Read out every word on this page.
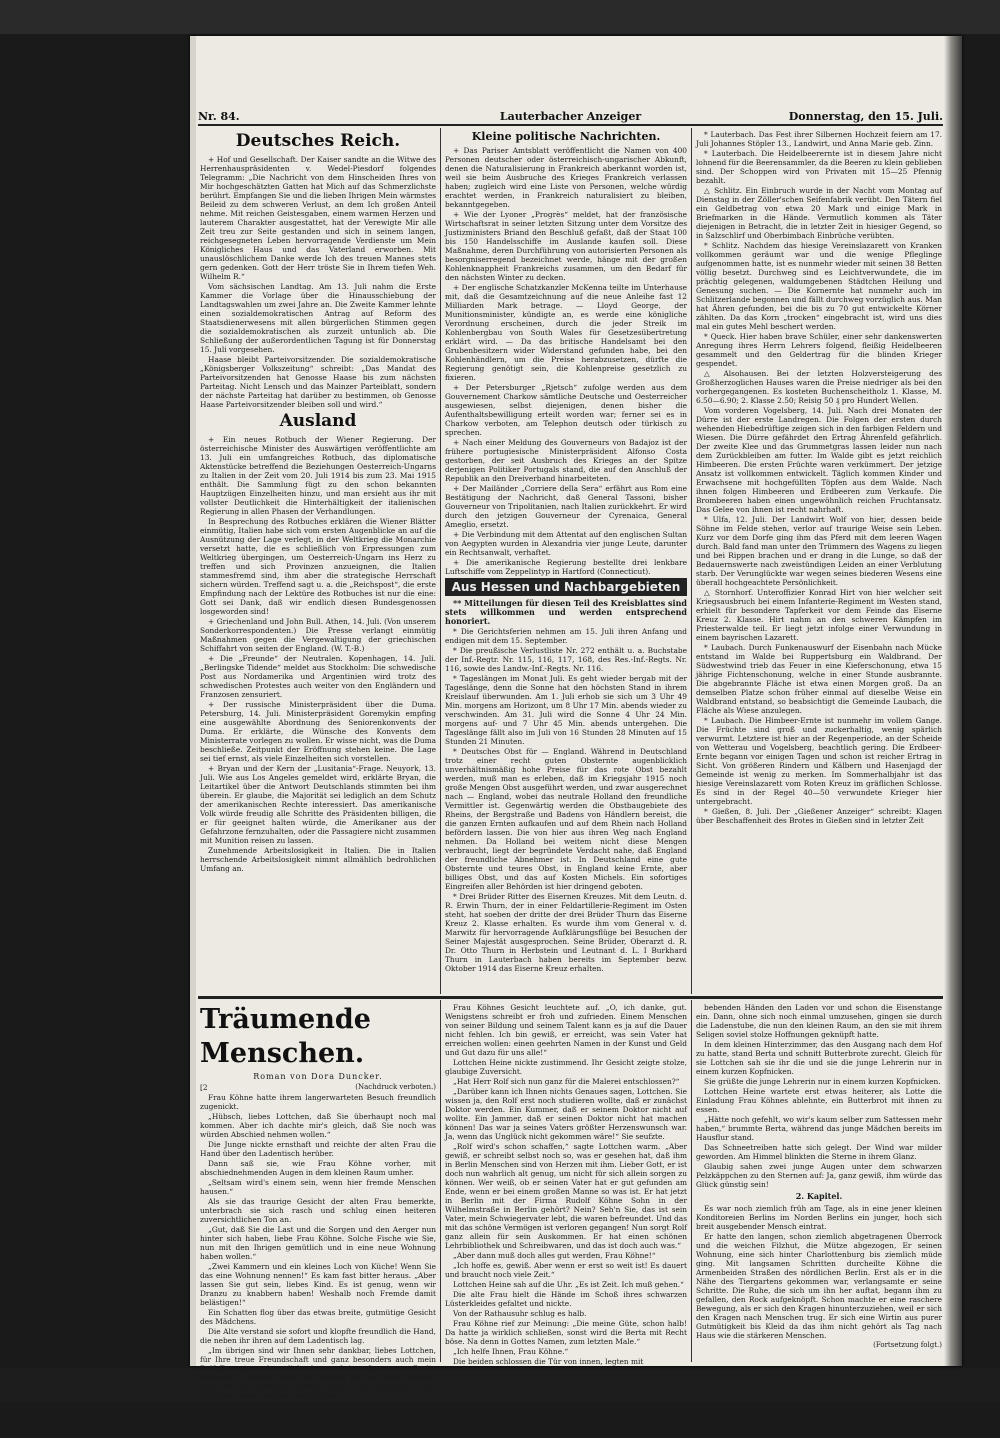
Nr. 84.	Lauterbacher Anzeiger	Donnerstag, den 15. Juli.
Deutsches Reich.

+ Hof und Gesellschaft. Der Kaiser sandte an die Witwe des Herrenhauspräsidenten v. Wedel-Piesdorf folgendes Telegramm: „Die Nachricht von dem Hinscheiden Ihres von Mir hochgeschätzten Gatten hat Mich auf das Schmerzlichste berührt. Empfangen Sie und die lieben Ihrigen Mein wärmstes Beileid zu dem schweren Verlust, an dem Ich großen Anteil nehme. Mit reichen Geistesgaben, einem warmen Herzen und lauterem Charakter ausgestattet, hat der Verewigte Mir alle Zeit treu zur Seite gestanden und sich in seinem langen, reichgesegneten Leben hervorragende Verdienste um Mein Königliches Haus und das Vaterland erworben. Mit unauslöschlichem Danke werde Ich des treuen Mannes stets gern gedenken. Gott der Herr tröste Sie in Ihrem tiefen Weh. Wilhelm R.“

Vom sächsischen Landtag. Am 13. Juli nahm die Erste Kammer die Vorlage über die Hinausschiebung der Landtagswahlen um zwei Jahre an. Die Zweite Kammer lehnte einen sozialdemokratischen Antrag auf Reform des Staatsdienerwesens mit allen bürgerlichen Stimmen gegen die sozialdemokratischen als zurzeit untunlich ab. Die Schließung der außerordentlichen Tagung ist für Donnerstag 15. Juli vorgesehen.

Haase bleibt Parteivorsitzender. Die sozialdemokratische „Königsberger Volkszeitung“ schreibt: „Das Mandat des Parteivorsitzenden hat Genosse Haase bis zum nächsten Parteitag. Nicht Lensch und das Mainzer Parteiblatt, sondern der nächste Parteitag hat darüber zu bestimmen, ob Genosse Haase Parteivorsitzender bleiben soll und wird.“

Ausland

+ Ein neues Rotbuch der Wiener Regierung. Der österreichische Minister des Auswärtigen veröffentlichte am 13. Juli ein umfangreiches Rotbuch, das diplomatische Aktenstücke betreffend die Beziehungen Oesterreich-Ungarns zu Italien in der Zeit vom 20. Juli 1914 bis zum 23. Mai 1915 enthält. Die Sammlung fügt zu den schon bekannten Hauptzügen Einzelheiten hinzu, und man ersieht aus ihr mit vollster Deutlichkeit die Hinterhältigkeit der italienischen Regierung in allen Phasen der Verhandlungen.

In Besprechung des Rotbuches erklären die Wiener Blätter einmütig, Italien habe sich vom ersten Augenblicke an auf die Ausnützung der Lage verlegt, in der Weltkrieg die Monarchie versetzt hatte, die es schließlich von Erpressungen zum Weltkrieg übergingen, um Oesterreich-Ungarn ins Herz zu treffen und sich Provinzen anzueignen, die Italien stammesfremd sind, ihm aber die strategische Herrschaft sichern würden. Treffend sagt u. a. die „Reichspost“, die erste Empfindung nach der Lektüre des Rotbuches ist nur die eine: Gott sei Dank, daß wir endlich diesen Bundesgenossen losgeworden sind!

+ Griechenland und John Bull. Athen, 14. Juli. (Von unserem Sonderkorrespondenten.) Die Presse verlangt einmütig Maßnahmen gegen die Vergewaltigung der griechischen Schiffahrt von seiten der England. (W. T.-B.)

+ Die „Freunde“ der Neutralen. Kopenhagen, 14. Juli. „Berlingske Tidende“ meldet aus Stockholm: Die schwedische Post aus Nordamerika und Argentinien wird trotz des schwedischen Protestes auch weiter von den Engländern und Franzosen zensuriert.

+ Der russische Ministerpräsident über die Duma. Petersburg, 14. Juli. Ministerpräsident Goremykin empfing eine ausgewählte Abordnung des Seniorenkonvents der Duma. Er erklärte, die Wünsche des Konvents dem Ministerrate vorlegen zu wollen. Er wisse nicht, was die Duma beschließe. Zeitpunkt der Eröffnung stehen keine. Die Lage sei tief ernst, als viele Einzelheiten sich vorstellen.

+ Bryan und der Kern der „Lusitania“-Frage. Neuyork, 13. Juli. Wie aus Los Angeles gemeldet wird, erklärte Bryan, die Leitartikel über die Antwort Deutschlands stimmten bei ihm überein. Er glaube, die Majorität sei lediglich an dem Schutz der amerikanischen Rechte interessiert. Das amerikanische Volk würde freudig alle Schritte des Präsidenten billigen, die er für geeignet halten würde, die Amerikaner aus der Gefahrzone fernzuhalten, oder die Passagiere nicht zusammen mit Munition reisen zu lassen.

Zunehmende Arbeitslosigkeit in Italien. Die in Italien herrschende Arbeitslosigkeit nimmt allmählich bedrohlichen Umfang an.

Kleine politische Nachrichten.

+ Das Pariser Amtsblatt veröffentlicht die Namen von 400 Personen deutscher oder österreichisch-ungarischer Abkunft, denen die Naturalisierung in Frankreich aberkannt worden ist, weil sie beim Ausbruche des Krieges Frankreich verlassen haben; zugleich wird eine Liste von Personen, welche würdig erachtet werden, in Frankreich naturalisiert zu bleiben, bekanntgegeben.

+ Wie der Lyoner „Progrès“ meldet, hat der französische Wirtschaftsrat in seiner letzten Sitzung unter dem Vorsitze des Justizministers Briand den Beschluß gefaßt, daß der Staat 100 bis 150 Handelsschiffe im Auslande kaufen soll. Diese Maßnahme, deren Durchführung von autorisierten Personen als besorgniserregend bezeichnet werde, hänge mit der großen Kohlenknappheit Frankreichs zusammen, um den Bedarf für den nächsten Winter zu decken.

+ Der englische Schatzkanzler McKenna teilte im Unterhause mit, daß die Gesamtzeichnung auf die neue Anleihe fast 12 Milliarden Mark betrage. — Lloyd George, der Munitionsminister, kündigte an, es werde eine königliche Verordnung erscheinen, durch die jeder Streik im Kohlenbergbau von South Wales für Gesetzesübertretung erklärt wird. — Da das britische Handelsamt bei den Grubenbesitzern wider Widerstand gefunden habe, bei den Kohlenhändlern, um die Preise herabzusetzen, dürfte die Regierung genötigt sein, die Kohlenpreise gesetzlich zu fixieren.

+ Der Petersburger „Rjetsch“ zufolge werden aus dem Gouvernement Charkow sämtliche Deutsche und Oesterreicher ausgewiesen, selbst diejenigen, denen bisher die Aufenthaltsbewilligung erteilt worden war; ferner sei es in Charkow verboten, am Telephon deutsch oder türkisch zu sprechen.

+ Nach einer Meldung des Gouverneurs von Badajoz ist der frühere portugiesische Ministerpräsident Alfonso Costa gestorben, der seit Ausbruch des Krieges an der Spitze derjenigen Politiker Portugals stand, die auf den Anschluß der Republik an den Dreiverband hinarbeiteten.

+ Der Mailänder „Corriere della Sera“ erfährt aus Rom eine Bestätigung der Nachricht, daß General Tassoni, bisher Gouverneur von Tripolitanien, nach Italien zurückkehrt. Er wird durch den jetzigen Gouverneur der Cyrenaica, General Ameglio, ersetzt.

+ Die Verbindung mit dem Attentat auf den englischen Sultan von Aegypten wurden in Alexandria vier junge Leute, darunter ein Rechtsanwalt, verhaftet.

+ Die amerikanische Regierung bestellte drei lenkbare Luftschiffe vom Zeppelintyp in Hartford (Connecticut).

Aus Hessen und Nachbargebieten

** Mitteilungen für diesen Teil des Kreisblattes sind stets willkommen und werden entsprechend honoriert.

* Die Gerichtsferien nehmen am 15. Juli ihren Anfang und endigen mit dem 15. September.

* Die preußische Verlustliste Nr. 272 enthält u. a. Buchstabe der Inf.-Regtr. Nr. 115, 116, 117, 168, des Res.-Inf.-Regts. Nr. 116, sowie des Landw.-Inf.-Regts. Nr. 116.

* Tageslängen im Monat Juli. Es geht wieder bergab mit der Tageslänge, denn die Sonne hat den höchsten Stand in ihrem Kreislauf überwunden. Am 1. Juli erhob sie sich um 3 Uhr 49 Min. morgens am Horizont, um 8 Uhr 17 Min. abends wieder zu verschwinden. Am 31. Juli wird die Sonne 4 Uhr 24 Min. morgens auf- und 7 Uhr 45 Min. abends untergehen. Die Tageslänge fällt also im Juli von 16 Stunden 28 Minuten auf 15 Stunden 21 Minuten.

* Deutsches Obst für — England. Während in Deutschland trotz einer recht guten Obsternte augenblicklich unverhältnismäßig hohe Preise für das rote Obst bezahlt werden, muß man es erleben, daß im Kriegsjahr 1915 noch große Mengen Obst ausgeführt werden, und zwar ausgerechnet nach — England, wobei das neutrale Holland den freundliche Vermittler ist. Gegenwärtig werden die Obstbaugebiete des Rheins, der Bergstraße und Badens von Händlern bereist, die die ganzen Ernten aufkaufen und auf dem Rhein nach Holland befördern lassen. Die von hier aus ihren Weg nach England nehmen. Da Holland bei weitem nicht diese Mengen verbraucht, liegt der begründete Verdacht nahe, daß England der freundliche Abnehmer ist. In Deutschland eine gute Obsternte und teures Obst, in England keine Ernte, aber billiges Obst, und das auf Kosten Michels. Ein sofortiges Eingreifen aller Behörden ist hier dringend geboten.

* Drei Brüder Ritter des Eisernen Kreuzes. Mit dem Leutn. d. R. Erwin Thurn, der in einer Feldartillerie-Regiment im Osten steht, hat soeben der dritte der drei Brüder Thurn das Eiserne Kreuz 2. Klasse erhalten. Es wurde ihm vom General v. d. Marwitz für hervorragende Aufklärungsflüge bei Besuchen der Seiner Majestät ausgesprochen. Seine Brüder, Oberarzt d. R. Dr. Otto Thurn in Herbstein und Leutnant d. L. I Burkhard Thurn in Lauterbach haben bereits im September bezw. Oktober 1914 das Eiserne Kreuz erhalten.

* Lauterbach. Das Fest ihrer Silbernen Hochzeit feiern am 17. Juli Johannes Stöpler 13., Landwirt, und Anna Marie geb. Zinn.

* Lauterbach. Die Heidelbeerernte ist in diesem Jahre nicht lohnend für die Beerensammler, da die Beeren zu klein geblieben sind. Der Schoppen wird von Privaten mit 15—25 Pfennig bezahlt.

△ Schlitz. Ein Einbruch wurde in der Nacht vom Montag auf Dienstag in der Zöller'schen Seifenfabrik verübt. Den Tätern fiel ein Geldbetrag von etwa 20 Mark und einige Mark in Briefmarken in die Hände. Vermutlich kommen als Täter diejenigen in Betracht, die in letzter Zeit in hiesiger Gegend, so in Salzschlirf und Oberbimbach Einbrüche verübten.

* Schlitz. Nachdem das hiesige Vereinslazarett von Kranken vollkommen geräumt war und die wenige Pfleglinge aufgenommen hatte, ist es nunmehr wieder mit seinen 38 Betten völlig besetzt. Durchweg sind es Leichtverwundete, die im prächtig gelegenen, waldumgebenen Städtchen Heilung und Genesung suchen. — Die Kornernte hat nunmehr auch im Schlitzerlande begonnen und fällt durchweg vorzüglich aus. Man hat Ähren gefunden, bei die bis zu 70 gut entwickelte Körner zählten. Da das Korn „trocken“ eingebracht ist, wird uns dies mal ein gutes Mehl beschert werden.

* Queck. Hier haben brave Schüler, einer sehr dankenswerten Anregung ihres Herrn Lehrers folgend, fleißig Heidelbeeren gesammelt und den Geldertrag für die blinden Krieger gespendet.

△ Alsohausen. Bei der letzten Holzversteigerung des Großherzoglichen Hauses waren die Preise niedriger als bei den vorhergegangenen. Es kosteten Buchenscheitholz 1. Klasse, M. 6.50—6.90; 2. Klasse 2.50; Reisig 50 ₰ pro Hundert Wellen.

Vom vorderen Vogelsberg, 14. Juli. Nach drei Monaten der Dürre ist der erste Landregen. Die Folgen der ersten durch wehenden Hiebedrüftige zeigen sich in den farbigen Feldern und Wiesen. Die Dürre gefährdet den Ertrag Ährenfeld gefährlich. Der zweite Klee und das Grummetgras lassen leider nun nach dem Zurückbleiben am futter. Im Walde gibt es jetzt reichlich Himbeeren. Die ersten Früchte waren verkümmert. Der jetzige Ansatz ist vollkommen entwickelt. Täglich kommen Kinder und Erwachsene mit hochgefüllten Töpfen aus dem Walde. Nach ihnen folgen Himbeeren und Erdbeeren zum Verkaufe. Die Brombeeren haben einen ungewöhnlich reichen Fruchtansatz. Das Gelee von ihnen ist recht nahrhaft.

* Ulfa, 12. Juli. Der Landwirt Wolf von hier, dessen beide Söhne im Felde stehen, verlor auf traurige Weise sein Leben. Kurz vor dem Dorfe ging ihm das Pferd mit dem leeren Wagen durch. Bald fand man unter den Trümmern des Wagens zu liegen und bei Rippen brachen und er drang in die Lunge, so daß der Bedauernswerte nach zweistündigen Leiden an einer Verblutung starb. Der Verunglückte war wegen seines biederen Wesens eine überall hochgeachtete Persönlichkeit.

△ Stornhorf. Unteroffizier Konrad Hirt von hier welcher seit Kriegsausbruch bei einem Infanterie-Regiment im Westen stand, erhielt für besondere Tapferkeit vor dem Feinde das Eiserne Kreuz 2. Klasse. Hirt nahm an den schweren Kämpfen im Priesterwalde teil. Er liegt jetzt infolge einer Verwundung in einem bayrischen Lazarett.

* Laubach. Durch Funkenauswurf der Eisenbahn nach Mücke entstand im Walde bei Ruppertsburg ein Waldbrand. Der Südwestwind trieb das Feuer in eine Kieferschonung, etwa 15 jährige Fichtenschonung, welche in einer Stunde ausbrannte. Die abgebrannte Fläche ist etwa einen Morgen groß. Da an demselben Platze schon früher einmal auf dieselbe Weise ein Waldbrand entstand, so beabsichtigt die Gemeinde Laubach, die Fläche als Wiese anzulegen.

* Laubach. Die Himbeer-Ernte ist nunmehr im vollem Gange. Die Früchte sind groß und zuckerhaltig, wenig spärlich verwurmt. Letztere ist hier an der Regenperiode, an der Scheide von Wetterau und Vogelsberg, beachtlich gering. Die Erdbeer-Ernte begann vor einigen Tagen und schon ist reicher Ertrag in Sicht. Von größeren Rindern und Kälbern und Hasenjagd der Gemeinde ist wenig zu merken. Im Sommerhalbjahr ist das hiesige Vereinslazarett vom Roten Kreuz im gräflichen Schlosse. Es sind in der Regel 40—50 verwundete Krieger hier untergebracht.

* Gießen, 8. Juli. Der „Gießener Anzeiger“ schreibt: Klagen über Beschaffenheit des Brotes in Gießen sind in letzter Zeit

Träumende Menschen.
Roman von Dora Duncker.
[2	(Nachdruck verboten.)

Frau Köhne hatte ihrem langerwarteten Besuch freundlich zugenickt.

„Hübsch, liebes Lottchen, daß Sie überhaupt noch mal kommen. Aber ich dachte mir's gleich, daß Sie noch was würden Abschied nehmen wollen.“

Die Junge nickte ernsthaft und reichte der alten Frau die Hand über den Ladentisch herüber.

Dann saß sie, wie Frau Köhne vorher, mit abschiednehmenden Augen in dem kleinen Raum umher.

„Seltsam wird's einem sein, wenn hier fremde Menschen hausen.“

Als sie das traurige Gesicht der alten Frau bemerkte, unterbrach sie sich rasch und schlug einen heiteren zuversichtlichen Ton an.

„Gut, daß Sie die Last und die Sorgen und den Aerger nun hinter sich haben, liebe Frau Köhne. Solche Fische wie Sie, nun mit den Ihrigen gemütlich und in eine neue Wohnung haben wollen.“

„Zwei Kammern und ein kleines Loch von Küche! Wenn Sie das eine Wohnung nennen!“ Es kam fast bitter heraus. „Aber lassen Sie gut sein, liebes Kind. Es ist genug, wenn wir Dranzu zu knabbern haben! Weshalb noch Fremde damit belästigen!“

Ein Schatten flog über das etwas breite, gutmütige Gesicht des Mädchens.

Die Alte verstand sie sofort und klopfte freundlich die Hand, die neben ihr ihren auf dem Ladentisch lag.

„Im übrigen sind wir Ihnen sehr dankbar, liebes Lottchen, für Ihre treue Freundschaft und ganz besonders auch mein Rolf. Er sagte auch neulich, als er auf einen Sprung von Berlin hier war, in zu mir: Wenn alle anderen sich von euch wenden, weil ihr nun wirklich ehrlich arme Leute geworden seid, Lottchen Heine wird bei euch halten.“

Das Mädchen war flammend rot geworden und spielte mit einer Buchecke, die sie bestätigte auf dem Ladentisch.

„Nun einer kleinen Pause sagte sie: „Sagen Sie mal, was wird es dann mit dem Herrn Rolf in Berlin?“

Frau Köhnes Gesicht leuchtete auf. „O, ich danke, gut. Wenigstens schreibt er froh und zufrieden. Einem Menschen von seiner Bildung und seinem Talent kann es ja auf die Dauer nicht fehlen. Ich bin gewiß, er erreicht, was sein Vater hat erreichen wollen: einen geehrten Namen in der Kunst und Geld und Gut dazu für uns alle!“

Lottchen Heine nickte zustimmend. Ihr Gesicht zeigte stolze, glaubige Zuversicht.

„Hat Herr Rolf sich nun ganz für die Malerei entschlossen?“

„Darüber kann ich Ihnen nichts Genaues sagen, Lottchen. Sie wissen ja, den Rolf erst noch studieren wollte, daß er zunächst Doktor werden. Ein Kummer, daß er seinem Doktor nicht auf wollte. Ein Jammer, daß er seinen Doktor nicht hat machen können! Das war ja seines Vaters größter Herzenswunsch war. Ja, wenn das Unglück nicht gekommen wäre!“ Sie seufzte.

„Rolf wird's schon schaffen,“ sagte Lottchen warm. „Aber gewiß, er schreibt selbst noch so, was er gesehen hat, daß ihm in Berlin Menschen sind von Herzen mit ihm. Lieber Gott, er ist doch nun wahrlich alt genug, um nicht für sich allein sorgen zu können. Wer weiß, ob er seinen Vater hat er gut gefunden am Ende, wenn er bei einem großen Manne so was ist. Er hat jetzt in Berlin mit der Firma Rudolf Köhne Sohn in der Wilhelmstraße in Berlin gehört? Nein? Seh'n Sie, das ist sein Vater, mein Schwiegervater lebt, die waren befreundet. Und das mit das schöne Vermögen ist verloren gegangen! Nun sorgt Rolf ganz allein für sein Auskommen. Er hat einen schönen Lehrbibliothek und Schreibwaren, und das ist doch auch was.“

„Aber dann muß doch alles gut werden, Frau Köhne!“

„Ich hoffe es, gewiß. Aber wenn er erst so weit ist! Es dauert und braucht noch viele Zeit.“

Lottchen Heine sah auf die Uhr. „Es ist Zeit. Ich muß gehen.“

Die alte Frau hielt die Hände im Schoß ihres schwarzen Lüsterkleides gefaltet und nickte.

Von der Rathausuhr schlug es halb.

Frau Köhne rief zur Meinung: „Die meine Güte, schon halb! Da hatte ja wirklich schließen, sonst wird die Berta mit Recht böse. Na denn in Gottes Namen, zum letzten Male.“

„Ich helfe Ihnen, Frau Köhne.“

Die beiden schlossen die Tür von innen, legten mit

bebenden Händen den Laden vor und schon die Eisenstange ein. Dann, ohne sich noch einmal umzusehen, gingen sie durch die Ladenstube, die nun den kleinen Raum, an den sie mit ihrem Seligen soviel stolze Hoffnungen geknüpft hatte.

In dem kleinen Hinterzimmer, das den Ausgang nach dem Hof zu hatte, stand Berta und schnitt Butterbrote zurecht. Gleich für sie Lottchen sah sie ihr die und sie die junge Lehrerin nur in einem kurzen Kopfnicken.

Sie grüßte die junge Lehrerin nur in einem kurzen Kopfnicken.

Lottchen Heine wartete erst etwas heiterer, als Lotte die Einladung Frau Köhnes ablehnte, ein Butterbrot mit ihnen zu essen.

„Hätte noch gefehlt, wo wir's kaum selber zum Sattessen mehr haben,“ brummte Berta, während das junge Mädchen bereits im Hausflur stand.

Das Schneetreiben hatte sich gelegt. Der Wind war milder geworden. Am Himmel blinkten die Sterne in ihrem Glanz.

Glaubig sahen zwei junge Augen unter dem schwarzen Pelzkäppchen zu den Sternen auf: Ja, ganz gewiß, ihm würde das Glück günstig sein!

2. Kapitel.

Es war noch ziemlich früh am Tage, als in eine jener kleinen Konditoreien Berlins im Norden Berlins ein junger, hoch sich breit ausgebender Mensch eintrat.

Er hatte den langen, schon ziemlich abgetragenen Überrock und die weichen Filzhut, die Mütze abgezogen, Er seinen Wohnung, eine sich hinter Charlottenburg bis ziemlich müde ging. Mit langsamen Schritten durcheilte Köhne die Armenbeiden Straßen des nördlichen Berlin. Erst als er in die Nähe des Tiergartens gekommen war, verlangsamte er seine Schritte. Die Ruhe, die sich um ihn her auftat, begann ihm zu gefallen, den Rock aufgeknöpft. Schon machte er eine raschere Bewegung, als er sich den Kragen hinunterzuziehen, weil er sich den Kragen nach Menschen trug. Er sich eine Wirtin aus purer Gutmütigkeit bis Kleid da das ihm nicht gehört als Tag nach Haus wie die stärkeren Menschen.

(Fortsetzung folgt.)
